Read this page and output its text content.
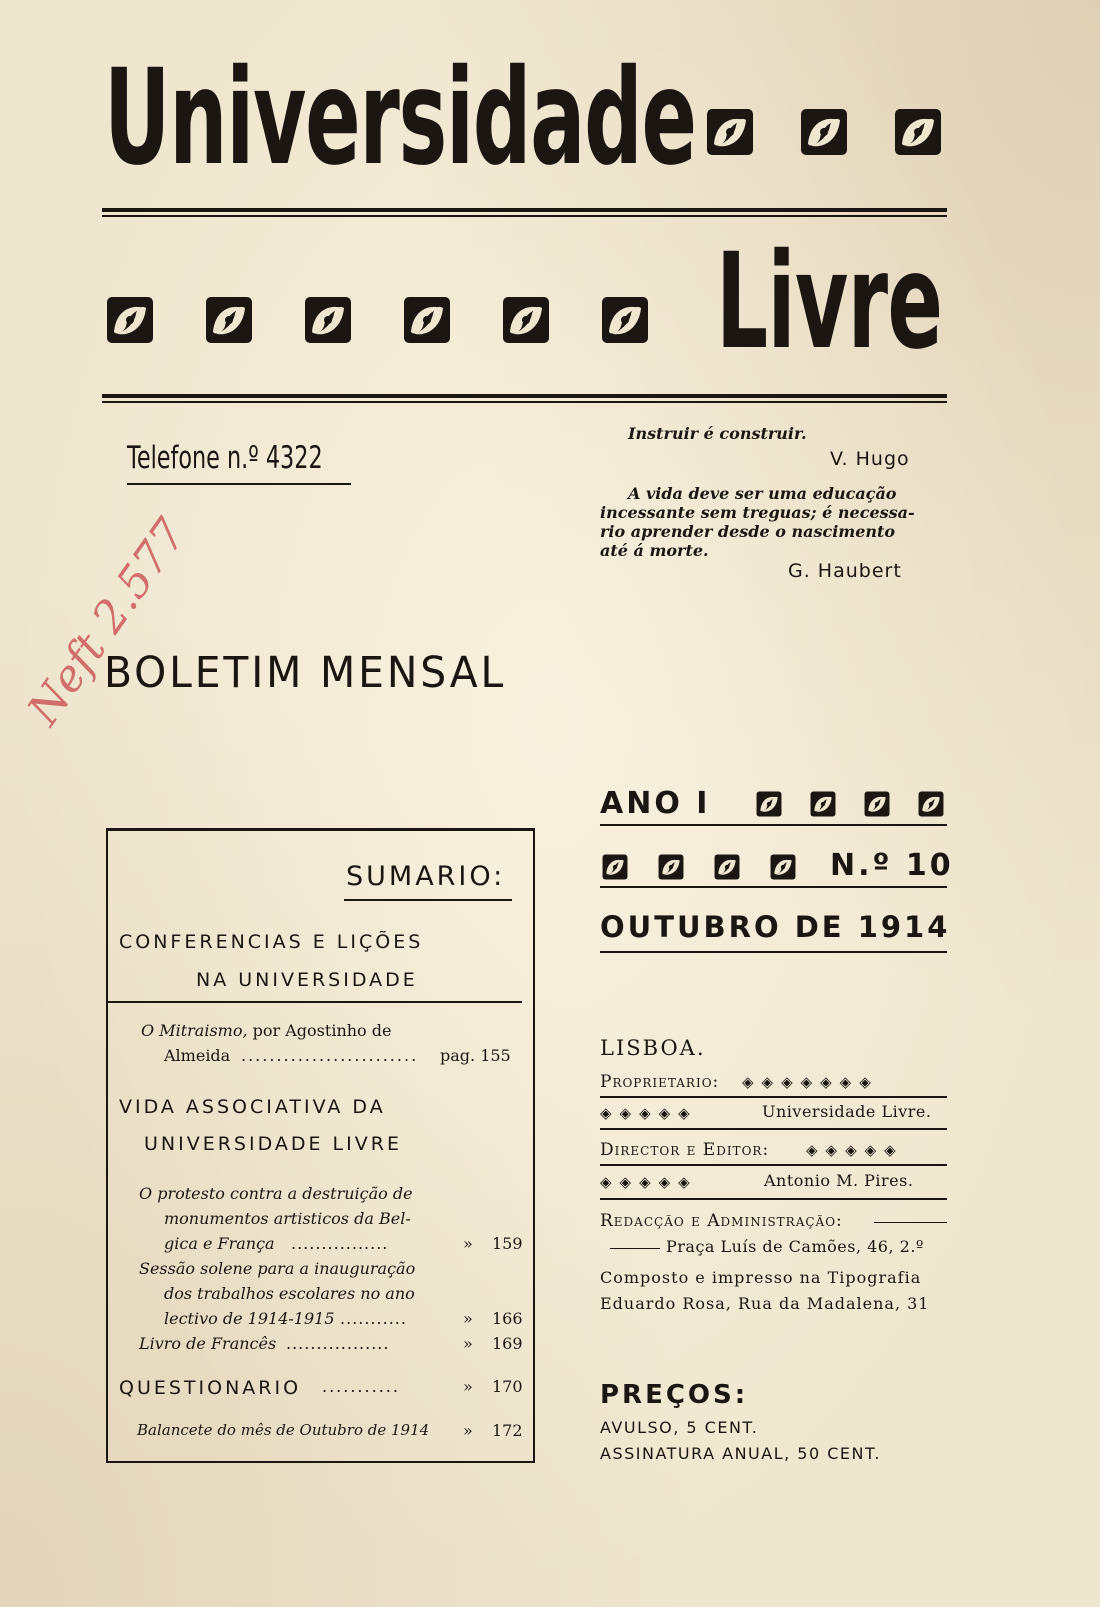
Universidade
Livre
Telefone n.º 4322
Instruir é construir.
V. Hugo
A vida deve ser uma educação
incessante sem treguas; é necessa-
rio aprender desde o nascimento
até á morte.
G. Haubert
Neft 2.577
BOLETIM MENSAL
SUMARIO:
CONFERENCIAS E LIÇÕES
NA UNIVERSIDADE
O Mitraismo, por Agostinho de
Almeida ......................... pag. 155
VIDA ASSOCIATIVA DA
UNIVERSIDADE LIVRE
O protesto contra a destruição de
monumentos artisticos da Bel-
gica e França ................	» 159
Sessão solene para a inauguração
dos trabalhos escolares no ano
lectivo de 1914-1915 ...........	» 166
Livro de Francês .................	» 169
QUESTIONARIO ...........	» 170
Balancete do mês de Outubro de 1914 » 172
ANO I
N.º 10
OUTUBRO DE 1914
LISBOA.
Proprietario: ◈◈◈◈◈◈◈
◈◈◈◈◈	Universidade Livre.
Director e Editor: ◈◈◈◈◈
◈◈◈◈◈	Antonio M. Pires.
Redacção e Administração:
Praça Luís de Camões, 46, 2.º
Composto e impresso na Tipografia
Eduardo Rosa, Rua da Madalena, 31
PREÇOS:
AVULSO, 5 CENT.
ASSINATURA ANUAL, 50 CENT.
